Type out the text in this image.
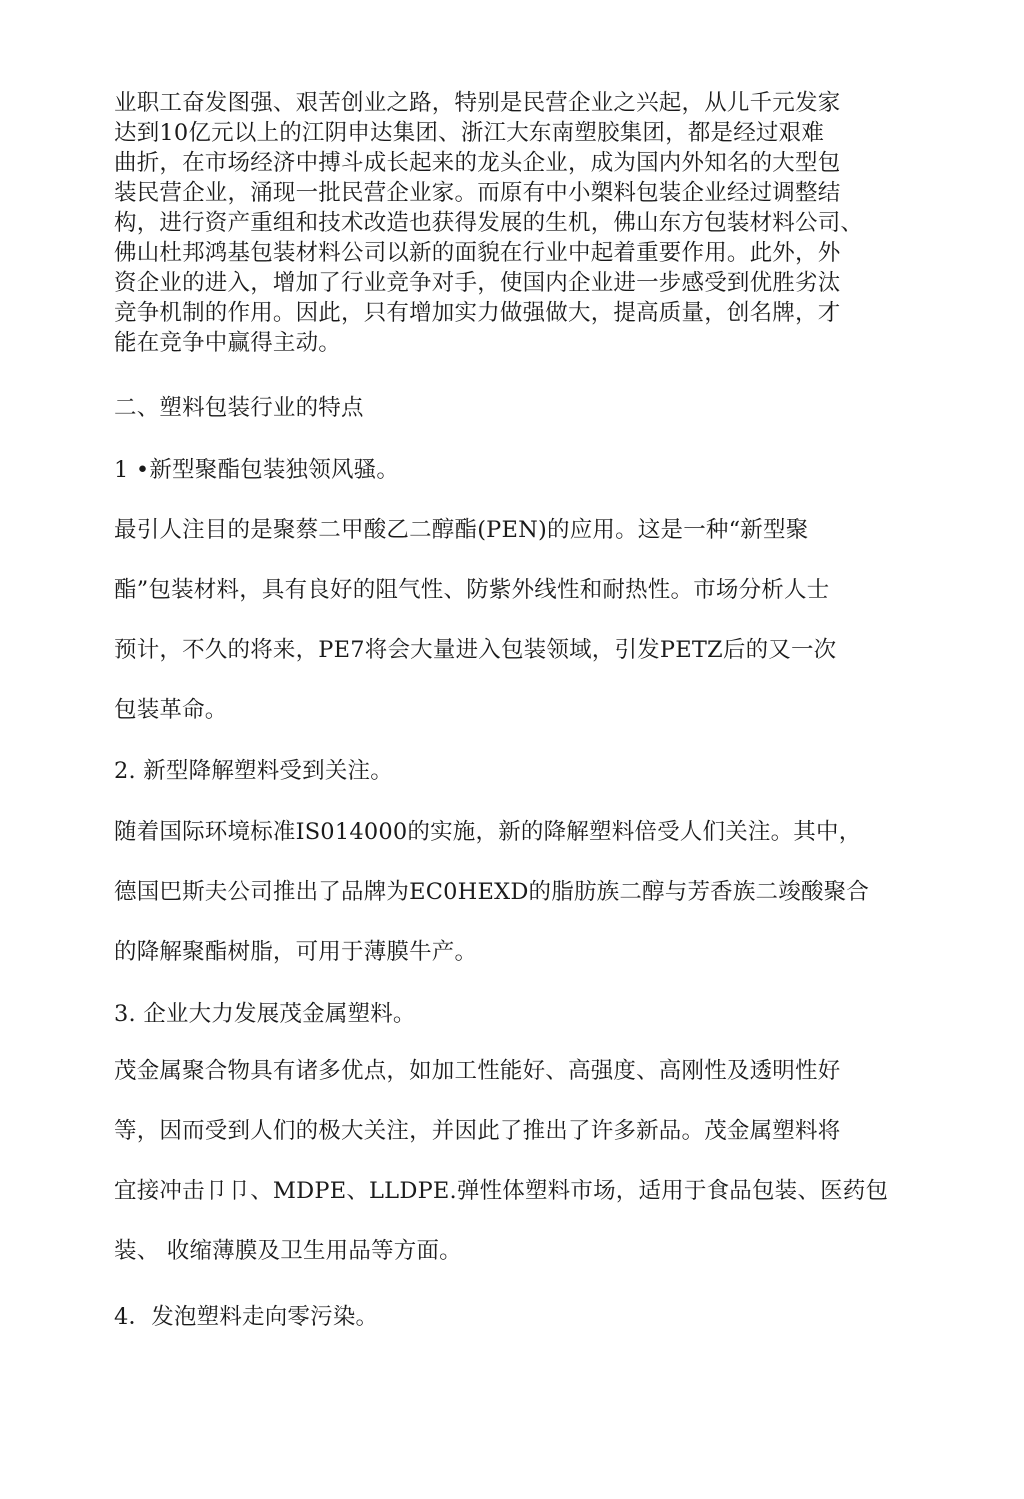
业职工奋发图强、艰苦创业之路，特别是民营企业之兴起，从儿千元发家
达到10亿元以上的江阴申达集团、浙江大东南塑胶集团，都是经过艰难
曲折，在市场经济中搏斗成长起来的龙头企业，成为国内外知名的大型包
装民营企业，涌现一批民营企业家。而原有中小槊料包装企业经过调整结
构，进行资产重组和技术改造也获得发展的生机，佛山东方包装材料公司、
佛山杜邦鸿基包装材料公司以新的面貌在行业中起着重要作用。此外，外
资企业的进入，增加了行业竞争对手，使国内企业进一步感受到优胜劣汰
竞争机制的作用。因此，只有增加实力做强做大，提高质量，创名牌，才
能在竞争中赢得主动。
二、塑料包装行业的特点
1 •新型聚酯包装独领风骚。
最引人注目的是聚蔡二甲酸乙二醇酯(PEN)的应用。这是一种“新型聚
酯”包装材料，具有良好的阻气性、防紫外线性和耐热性。市场分析人士
预计，不久的将来，PE7将会大量进入包装领域，引发PETZ后的又一次
包装革命。
2. 新型降解塑料受到关注。
随着国际环境标准IS014000的实施，新的降解塑料倍受人们关注。其中，
德国巴斯夫公司推出了品牌为EC0HEXD的脂肪族二醇与芳香族二竣酸聚合
的降解聚酯树脂，可用于薄膜牛产。
3. 企业大力发展茂金属塑料。
茂金属聚合物具有诸多优点，如加工性能好、高强度、高刚性及透明性好
等，因而受到人们的极大关注，并因此了推出了许多新品。茂金属塑料将
宜接冲击卩卩、MDPE、LLDPE.弹性体塑料市场，适用于食品包装、医药包
装、 收缩薄膜及卫生用品等方面。
4．发泡塑料走向零污染。
